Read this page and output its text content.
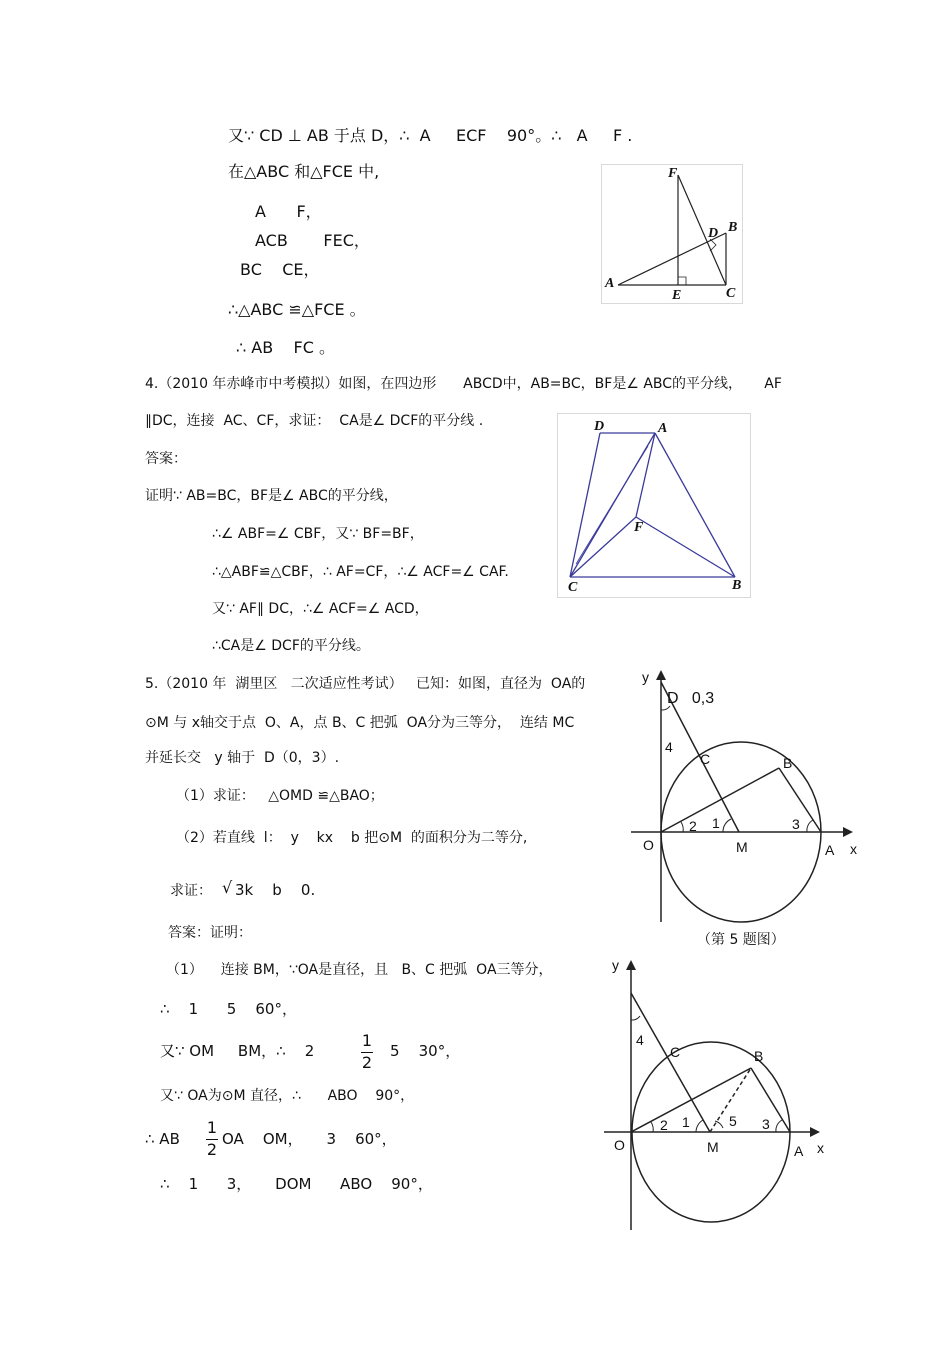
又∵ CD ⊥ AB 于点 D，∴  A     ECF    90°。∴   A     F .
在△ABC 和△FCE 中,
A      F，
ACB       FEC，
BC    CE，
∴△ABC ≌△FCE 。
∴ AB    FC 。
F
B
D
A
E	C
4.（2010 年赤峰市中考模拟）如图，在四边形      ABCD中，AB=BC，BF是∠ ABC的平分线，     AF
∥DC，连接  AC、CF，求证：  CA是∠ DCF的平分线 .
答案：
证明∵ AB=BC，BF是∠ ABC的平分线，
∴∠ ABF=∠ CBF，又∵ BF=BF，
∴△ABF≌△CBF，∴ AF=CF，∴∠ ACF=∠ CAF.
又∵ AF∥ DC，∴∠ ACF=∠ ACD，
∴CA是∠ DCF的平分线。
D	A
F
C	B
5.（2010 年  湖里区   二次适应性考试）   已知：如图，直径为  OA的
⊙M 与 x轴交于点  O、A，点 B、C 把弧  OA分为三等分，  连结 MC
并延长交   y 轴于  D（0，3）.
（1）求证：   △OMD ≌△BAO；
（2）若直线  l：  y    kx    b 把⊙M  的面积分为二等分,
求证： √ 3k    b    0.
答案：证明：
（1）    连接 BM，∵OA是直径，且   B、C 把弧  OA三等分，
∴    1      5    60°，
又∵ OM     BM，∴    2
1
2
5    30°，
又∵ OA为⊙M 直径，∴      ABO    90°，
∴ AB
1
2
OA    OM，     3    60°，
∴    1      3，     DOM      ABO    90°，
y
D   0,3
4
C	B
2 1	3
O	M	A x
（第 5 题图）
y
4
C	B
2 1	5 3
O	M	A x
